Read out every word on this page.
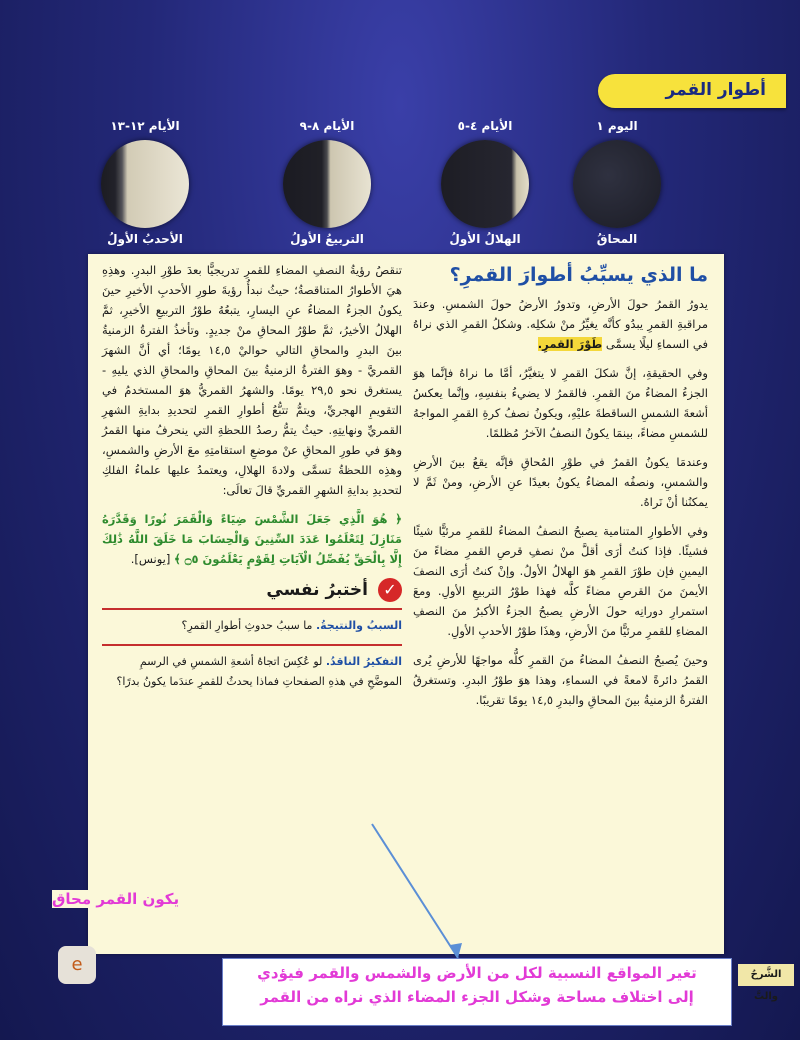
أطوار القمر
اليوم ١
المحاقُ
الأيام ٤-٥
الهلالُ الأولُ
الأيام ٨-٩
التربيعُ الأولُ
الأيام ١٢-١٣
الأحدبُ الأولُ
ما الذي يسبِّبُ أطوارَ القمرِ؟

يدورُ القمرُ حولَ الأرضِ، وتدورُ الأرضُ حولَ الشمسِ. وعندَ مراقبةِ القمرِ يبدُو كأنَّه يغيِّرُ منْ شكلِه. وشكلُ القمرِ الذي نراهُ في السماءِ ليلًا يسمَّى طَوْرَ القمرِ.

وفي الحقيقةِ، إنَّ شكلَ القمرِ لا يتغيَّرُ، أمَّا ما نراهُ فإنَّما هوَ الجزءُ المضاءُ منَ القمرِ. فالقمرُ لا يضيءُ بنفسِهِ، وإنَّما يعكسُ أشعةَ الشمسِ الساقطةَ عليْهِ، ويكونُ نصفُ كرةِ القمرِ المواجهُ للشمسِ مضاءً، بينمَا يكونُ النصفُ الآخرُ مُظلمًا.

وعندمَا يكونُ القمرُ في طوْرِ المُحاقِ فإنَّه يقعُ بينَ الأرضِ والشمسِ، ونصفُه المضاءُ يكونُ بعيدًا عنِ الأرضِ، ومنْ ثَمَّ لا يمكنُنا أنْ نَراهُ.

وفي الأطوارِ المتنامية يصبحُ النصفُ المضاءُ للقمرِ مرئيًّا شيئًا فشيئًا. فإذا كنتُ أرَى أقلَّ منْ نصفِ قرصِ القمرِ مضاءً منَ اليمينِ فإن طوْرَ القمرِ هوَ الهلالُ الأولُ. وإنْ كنتُ أرَى النصفَ الأيمنَ منَ القرصِ مضاءً كلَّه فهذا طوْرُ التربيعِ الأولِ. ومعَ استمرارِ دورانِه حولَ الأرضِ يصبحُ الجزءُ الأكبرُ منَ النصفِ المضاءِ للقمرِ مرئيًّا منَ الأرضِ، وهذَا طوْرُ الأحدبِ الأولِ.

وحينَ يُصبحُ النصفُ المضاءُ منَ القمرِ كلُّه مواجهًا للأرضِ يُرى القمرُ دائرةً لامعةً في السماءِ، وهذا هوَ طوْرُ البدرِ. وتستغرقُ الفترةُ الزمنيةُ بينَ المحاقِ والبدرِ ١٤,٥ يومًا تقريبًا.

تنقصُ رؤيةُ النصفِ المضاءِ للقمرِ تدريجيًّا بعدَ طوْرِ البدرِ. وهذِهِ هيَ الأطوارُ المتناقصةُ؛ حيثُ نبدأُ رؤيةَ طورِ الأحدبِ الأخيرِ حينَ يكونُ الجزءُ المضاءُ عنِ اليسارِ، يتبعُهُ طوْرُ التربيعِ الأخيرِ، ثمَّ الهلالُ الأخيرُ، ثمَّ طوْرُ المحاقِ منْ جديدٍ. وتأخذُ الفترةُ الزمنيةُ بينَ البدرِ والمحاقِ التالي حواليْ ١٤,٥ يومًا؛ أي أنَّ الشهرَ القمريَّ - وهوَ الفترةُ الزمنيةُ بينَ المحاقِ والمحاقِ الذي يليهِ - يستغرق نحو ٢٩,٥ يومًا. والشهرُ القمريُّ هوَ المستخدمُ في التقويمِ الهجريِّ، ويتمُّ تتبُّعُ أطوارِ القمرِ لتحديدِ بدايةِ الشهرِ القمريِّ ونهايتِهِ. حيثُ يتمُّ رصدُ اللحظةِ التي ينحرفُ منها القمرُ وهوَ في طورِ المحاقِ عنْ موضعِ استقامتِهِ معَ الأرضِ والشمسِ، وهذِه اللحظةُ تسمَّى ولادةَ الهلالِ، ويعتمدُ عليها علماءُ الفلكِ لتحديدِ بدايةِ الشهرِ القمريِّ قالَ تعالَى:

﴿ هُوَ الَّذِي جَعَلَ الشَّمْسَ ضِيَاءً وَالْقَمَرَ نُورًا وَقَدَّرَهُ مَنَازِلَ لِتَعْلَمُوا عَدَدَ السِّنِينَ وَالْحِسَابَ مَا خَلَقَ اللَّهُ ذَٰلِكَ إِلَّا بِالْحَقِّ يُفَصِّلُ الْآيَاتِ لِقَوْمٍ يَعْلَمُونَ ۝٥ ﴾ [يونس].

✓
أختبرُ نفسي
السببُ والنتيجةُ. ما سببُ حدوثِ أطوارِ القمرِ؟
التفكيرُ الناقدُ. لو عُكِسَ اتجاهُ أشعةِ الشمسِ في الرسمِ الموضَّحِ في هذهِ الصفحاتِ فماذا يحدثُ للقمرِ عندَما يكونُ بدرًا؟
يكون القمر محاق
تغير المواقع النسبية لكل من الأرض والشمس والقمر فيؤدي
إلى اختلاف مساحة وشكل الجزء المضاء الذي نراه من القمر
الشَّرحُ والتَّ
e
